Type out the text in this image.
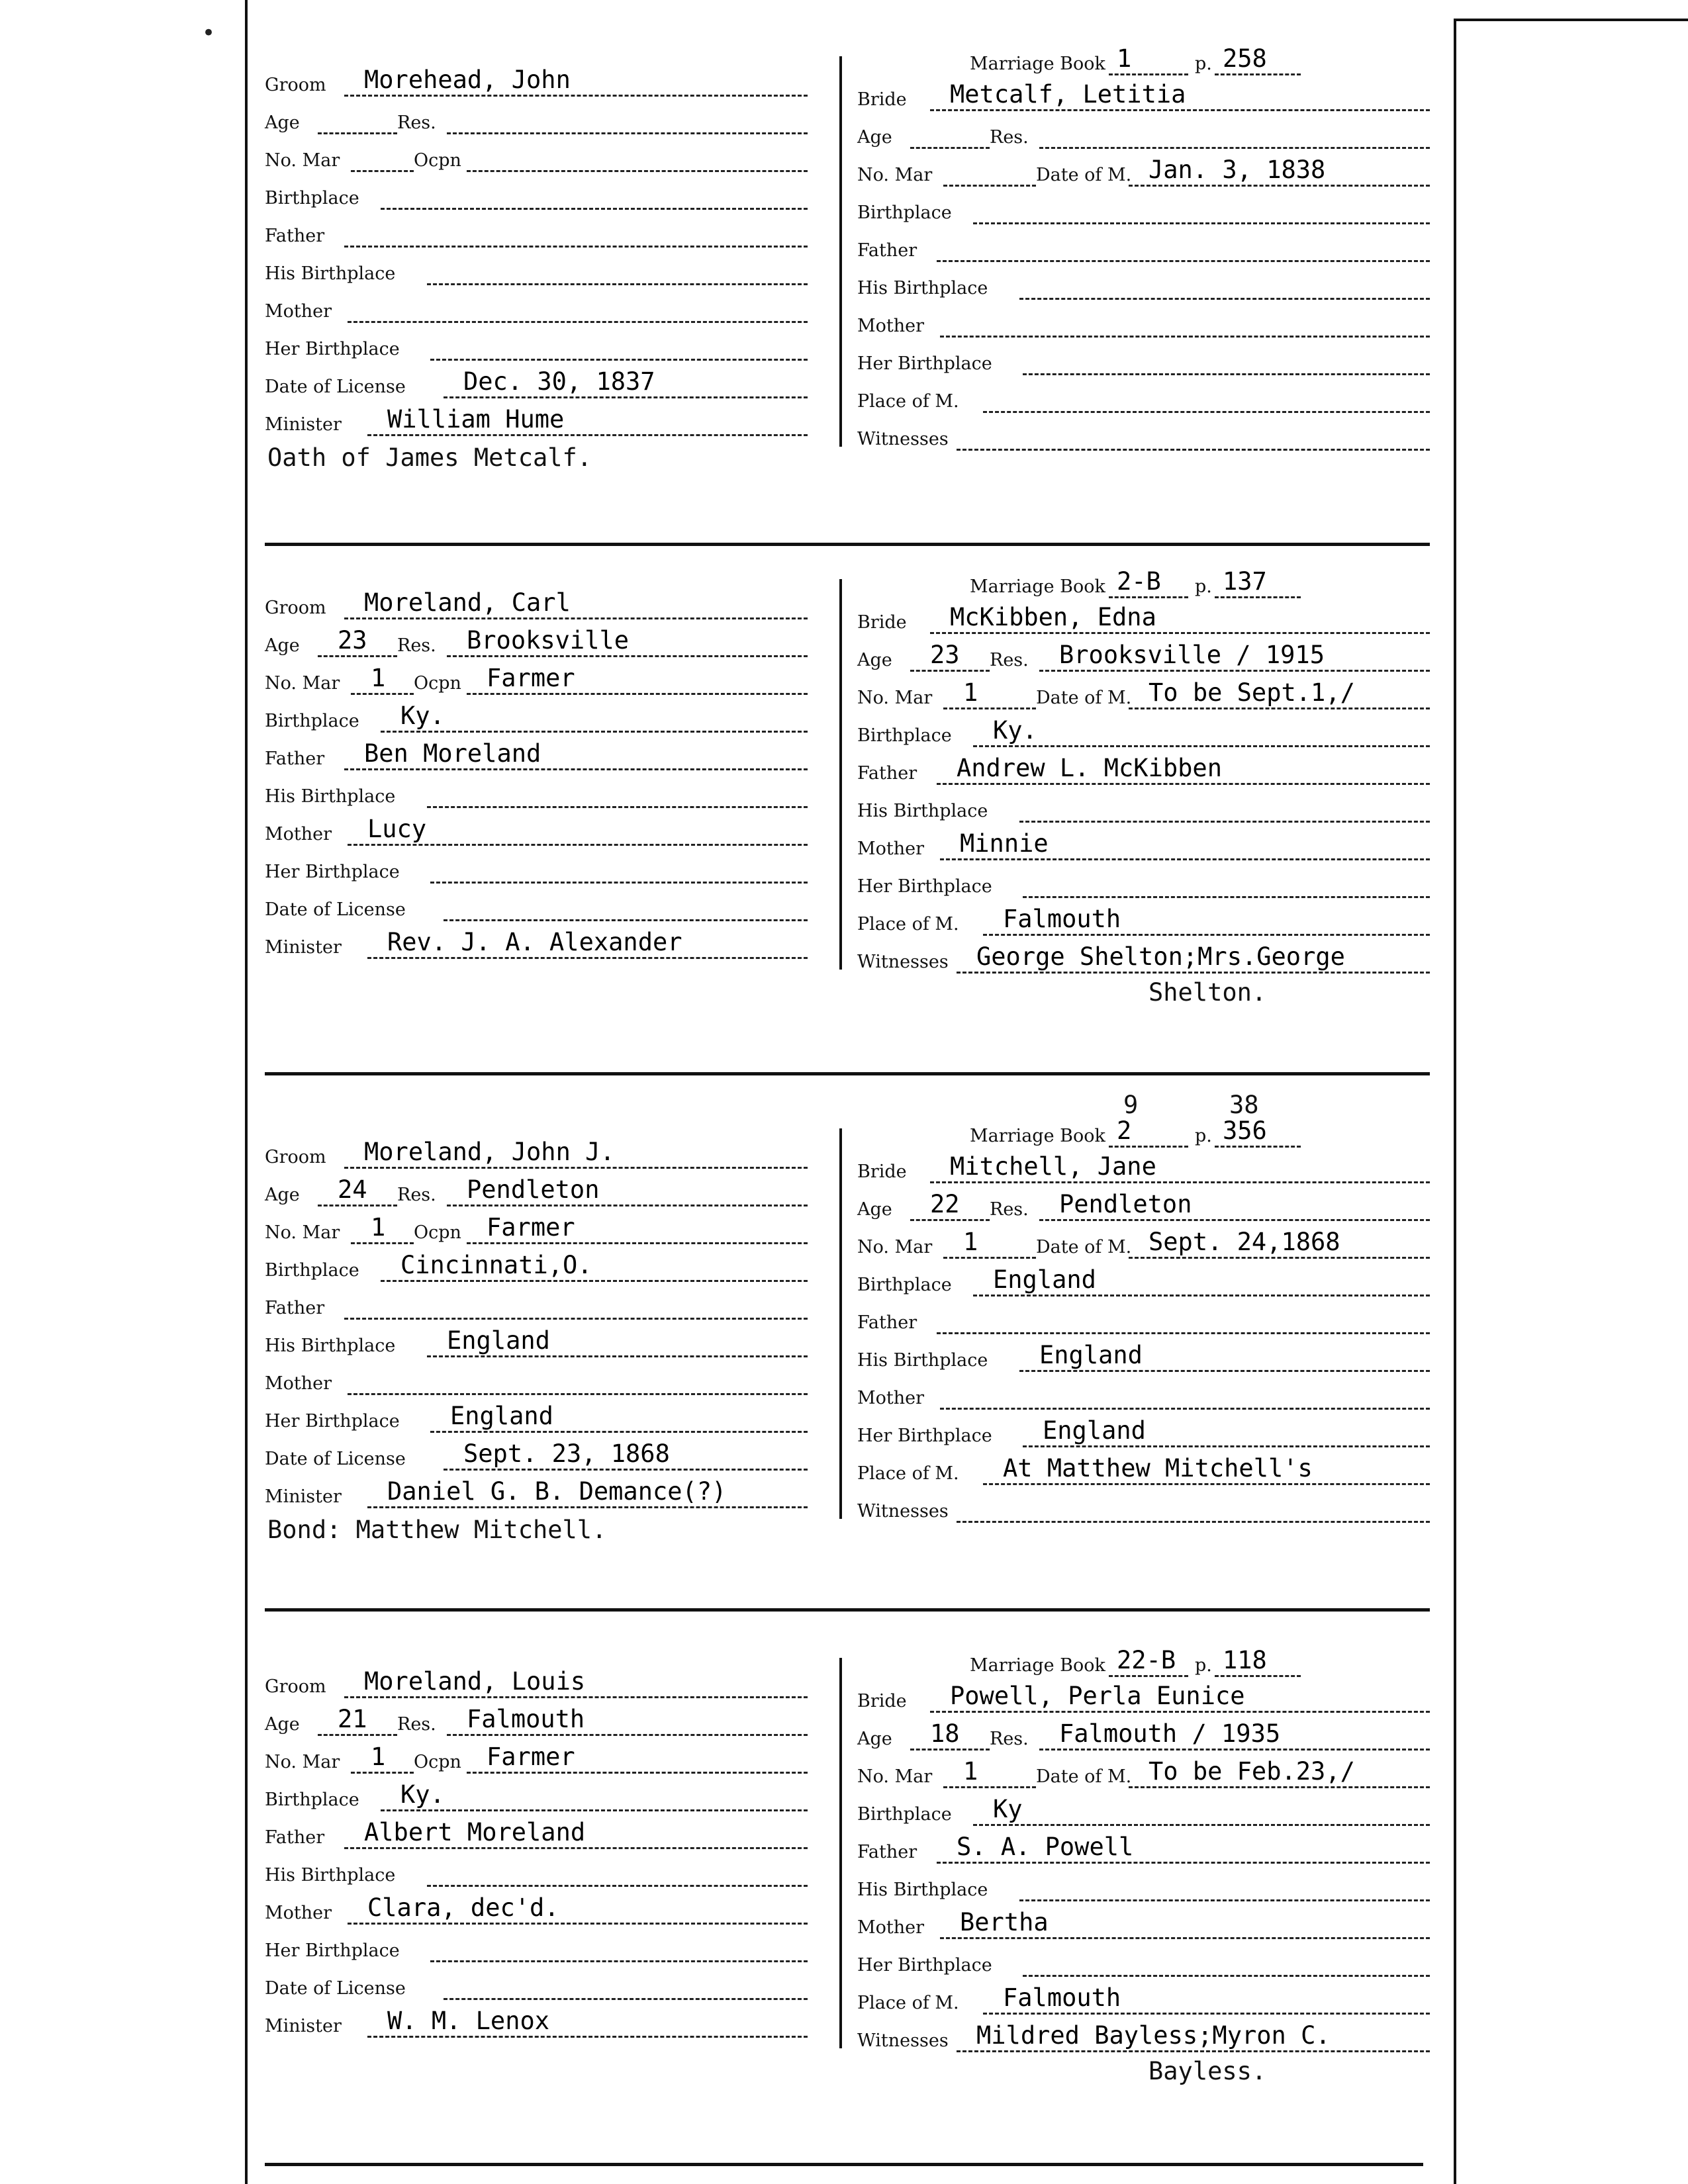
•
Groom Morehead, John
Age	Res.
No. Mar	Ocpn
Birthplace
Father
His Birthplace
Mother
Her Birthplace
Date of License Dec. 30, 1837
Minister William Hume
Marriage Book 1	p. 258
Bride Metcalf, Letitia
Age	Res.
No. Mar	Date of M. Jan. 3, 1838
Birthplace
Father
His Birthplace
Mother
Her Birthplace
Place of M.
Witnesses
Oath of James Metcalf.
Groom Moreland, Carl
Age 23 Res. Brooksville
No. Mar 1 Ocpn Farmer
Birthplace Ky.
Father Ben Moreland
His Birthplace
Mother Lucy
Her Birthplace
Date of License
Minister Rev. J. A. Alexander
Marriage Book 2-B p. 137
Bride McKibben, Edna
Age 23 Res. Brooksville / 1915
No. Mar 1	Date of M. To be Sept.1,/
Birthplace Ky.
Father Andrew L. McKibben
His Birthplace
Mother Minnie
Her Birthplace
Place of M. Falmouth
Witnesses George Shelton;Mrs.George
Shelton.
Groom Moreland, John J.
Age 24 Res. Pendleton
No. Mar 1 Ocpn Farmer
Birthplace Cincinnati,O.
Father
His Birthplace England
Mother
Her Birthplace England
Date of License Sept. 23, 1868
Minister Daniel G. B. Demance(?)
Marriage Book 2	p. 356
9	38
Bride Mitchell, Jane
Age 22 Res. Pendleton
No. Mar 1	Date of M. Sept. 24,1868
Birthplace England
Father
His Birthplace England
Mother
Her Birthplace England
Place of M. At Matthew Mitchell's
Witnesses
Bond: Matthew Mitchell.
Groom Moreland, Louis
Age 21 Res. Falmouth
No. Mar 1 Ocpn Farmer
Birthplace Ky.
Father Albert Moreland
His Birthplace
Mother Clara, dec'd.
Her Birthplace
Date of License
Minister W. M. Lenox
Marriage Book 22-B p. 118
Bride Powell, Perla Eunice
Age 18 Res. Falmouth / 1935
No. Mar 1	Date of M. To be Feb.23,/
Birthplace Ky
Father S. A. Powell
His Birthplace
Mother Bertha
Her Birthplace
Place of M. Falmouth
Witnesses Mildred Bayless;Myron C.
Bayless.
